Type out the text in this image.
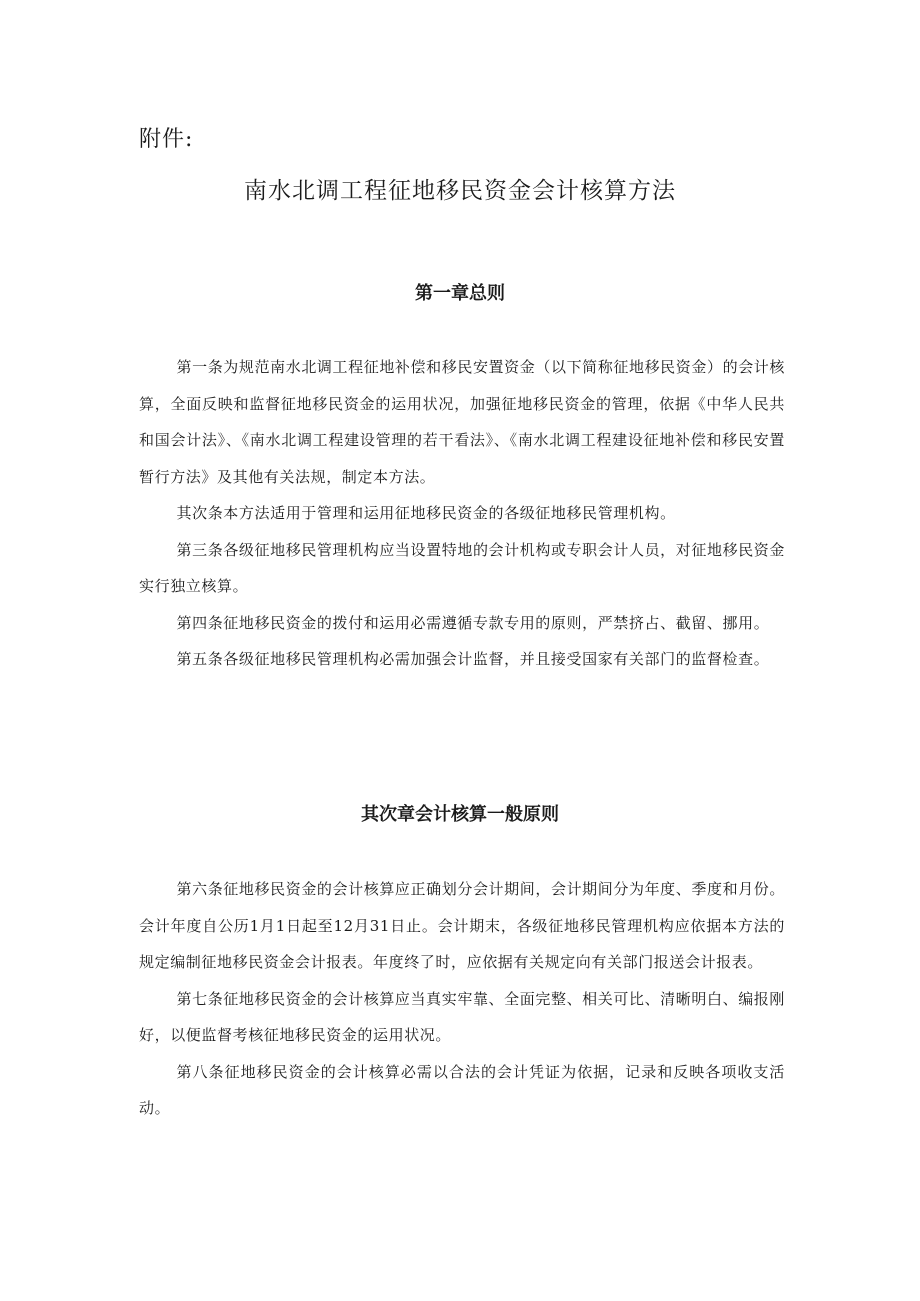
附件:
南水北调工程征地移民资金会计核算方法
第一章总则

第一条为规范南水北调工程征地补偿和移民安置资金（以下简称征地移民资金）的会计核算，全面反映和监督征地移民资金的运用状况，加强征地移民资金的管理，依据《中华人民共和国会计法》、《南水北调工程建设管理的若干看法》、《南水北调工程建设征地补偿和移民安置暂行方法》及其他有关法规，制定本方法。

其次条本方法适用于管理和运用征地移民资金的各级征地移民管理机构。

第三条各级征地移民管理机构应当设置特地的会计机构或专职会计人员，对征地移民资金实行独立核算。

第四条征地移民资金的拨付和运用必需遵循专款专用的原则，严禁挤占、截留、挪用。

第五条各级征地移民管理机构必需加强会计监督，并且接受国家有关部门的监督检查。

其次章会计核算一般原则

第六条征地移民资金的会计核算应正确划分会计期间，会计期间分为年度、季度和月份。会计年度自公历1月1日起至12月31日止。会计期末，各级征地移民管理机构应依据本方法的规定编制征地移民资金会计报表。年度终了时，应依据有关规定向有关部门报送会计报表。

第七条征地移民资金的会计核算应当真实牢靠、全面完整、相关可比、清晰明白、编报刚好，以便监督考核征地移民资金的运用状况。

第八条征地移民资金的会计核算必需以合法的会计凭证为依据，记录和反映各项收支活动。
